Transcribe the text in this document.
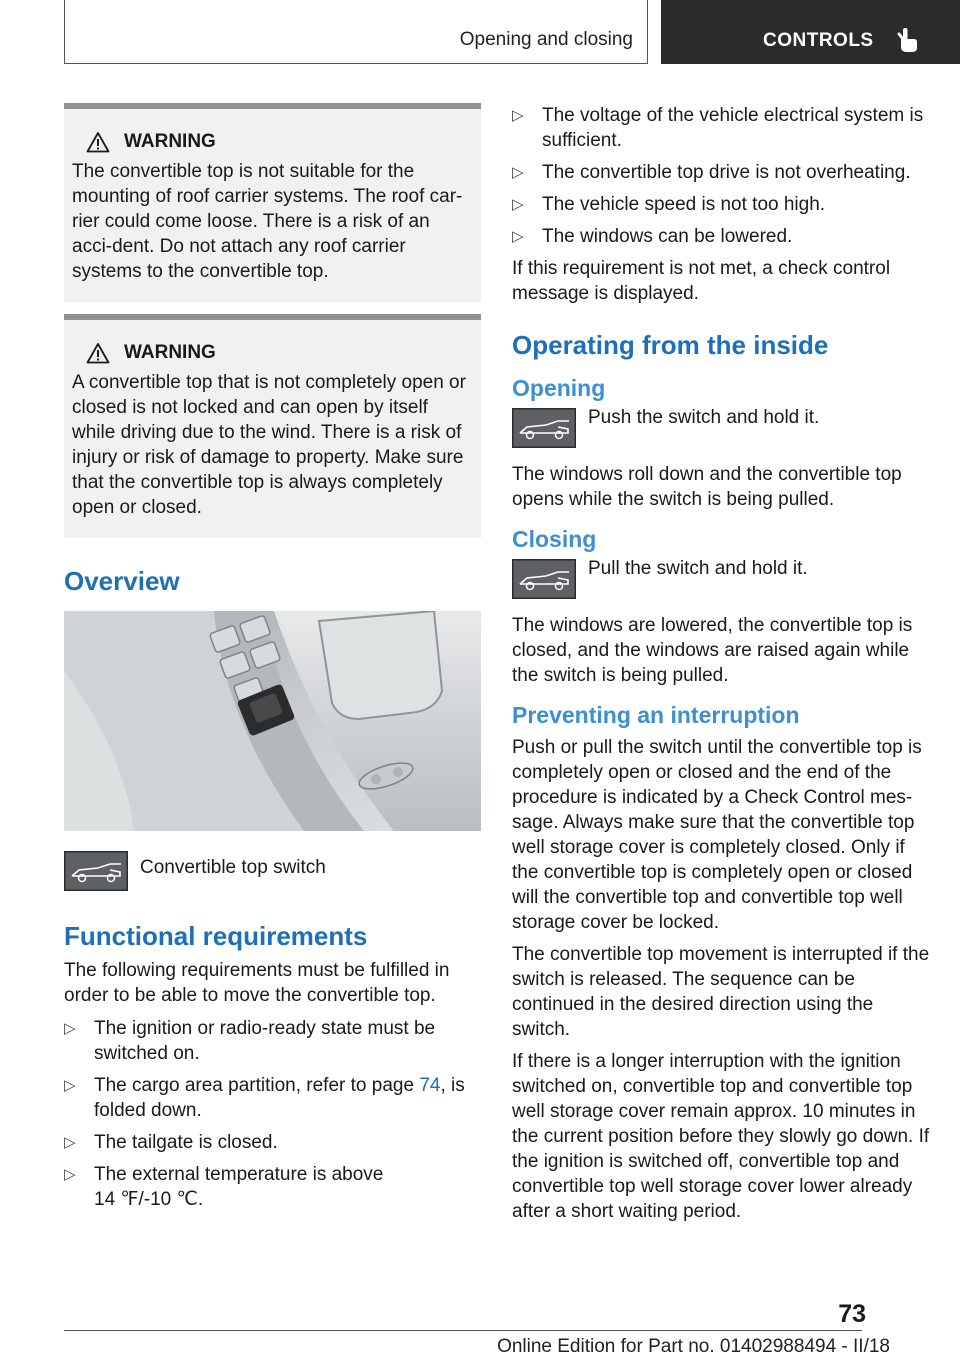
Opening and closing	CONTROLS
WARNING
The convertible top is not suitable for the mounting of roof carrier systems. The roof car-rier could come loose. There is a risk of an acci-dent. Do not attach any roof carrier systems to the convertible top.
WARNING
A convertible top that is not completely open or closed is not locked and can open by itself while driving due to the wind. There is a risk of injury or risk of damage to property. Make sure that the convertible top is always completely open or closed.
Overview
Convertible top switch
Functional requirements

The following requirements must be fulfilled in order to be able to move the convertible top.

▷ The ignition or radio-ready state must be switched on.
▷ The cargo area partition, refer to page 74, is folded down.
▷ The tailgate is closed.
▷ The external temperature is above
14 ℉/-10 ℃.
▷ The voltage of the vehicle electrical system is sufficient.
▷ The convertible top drive is not overheating.
▷ The vehicle speed is not too high.
▷ The windows can be lowered.

If this requirement is not met, a check control message is displayed.

Operating from the inside
Opening
Push the switch and hold it.

The windows roll down and the convertible top opens while the switch is being pulled.

Closing
Pull the switch and hold it.

The windows are lowered, the convertible top is closed, and the windows are raised again while the switch is being pulled.

Preventing an interruption

Push or pull the switch until the convertible top is completely open or closed and the end of the procedure is indicated by a Check Control mes-sage. Always make sure that the convertible top well storage cover is completely closed. Only if the convertible top is completely open or closed will the convertible top and convertible top well storage cover be locked.

The convertible top movement is interrupted if the switch is released. The sequence can be continued in the desired direction using the switch.

If there is a longer interruption with the ignition switched on, convertible top and convertible top well storage cover remain approx. 10 minutes in the current position before they slowly go down. If the ignition is switched off, convertible top and convertible top well storage cover lower already after a short waiting period.

73
Online Edition for Part no. 01402988494 - II/18
